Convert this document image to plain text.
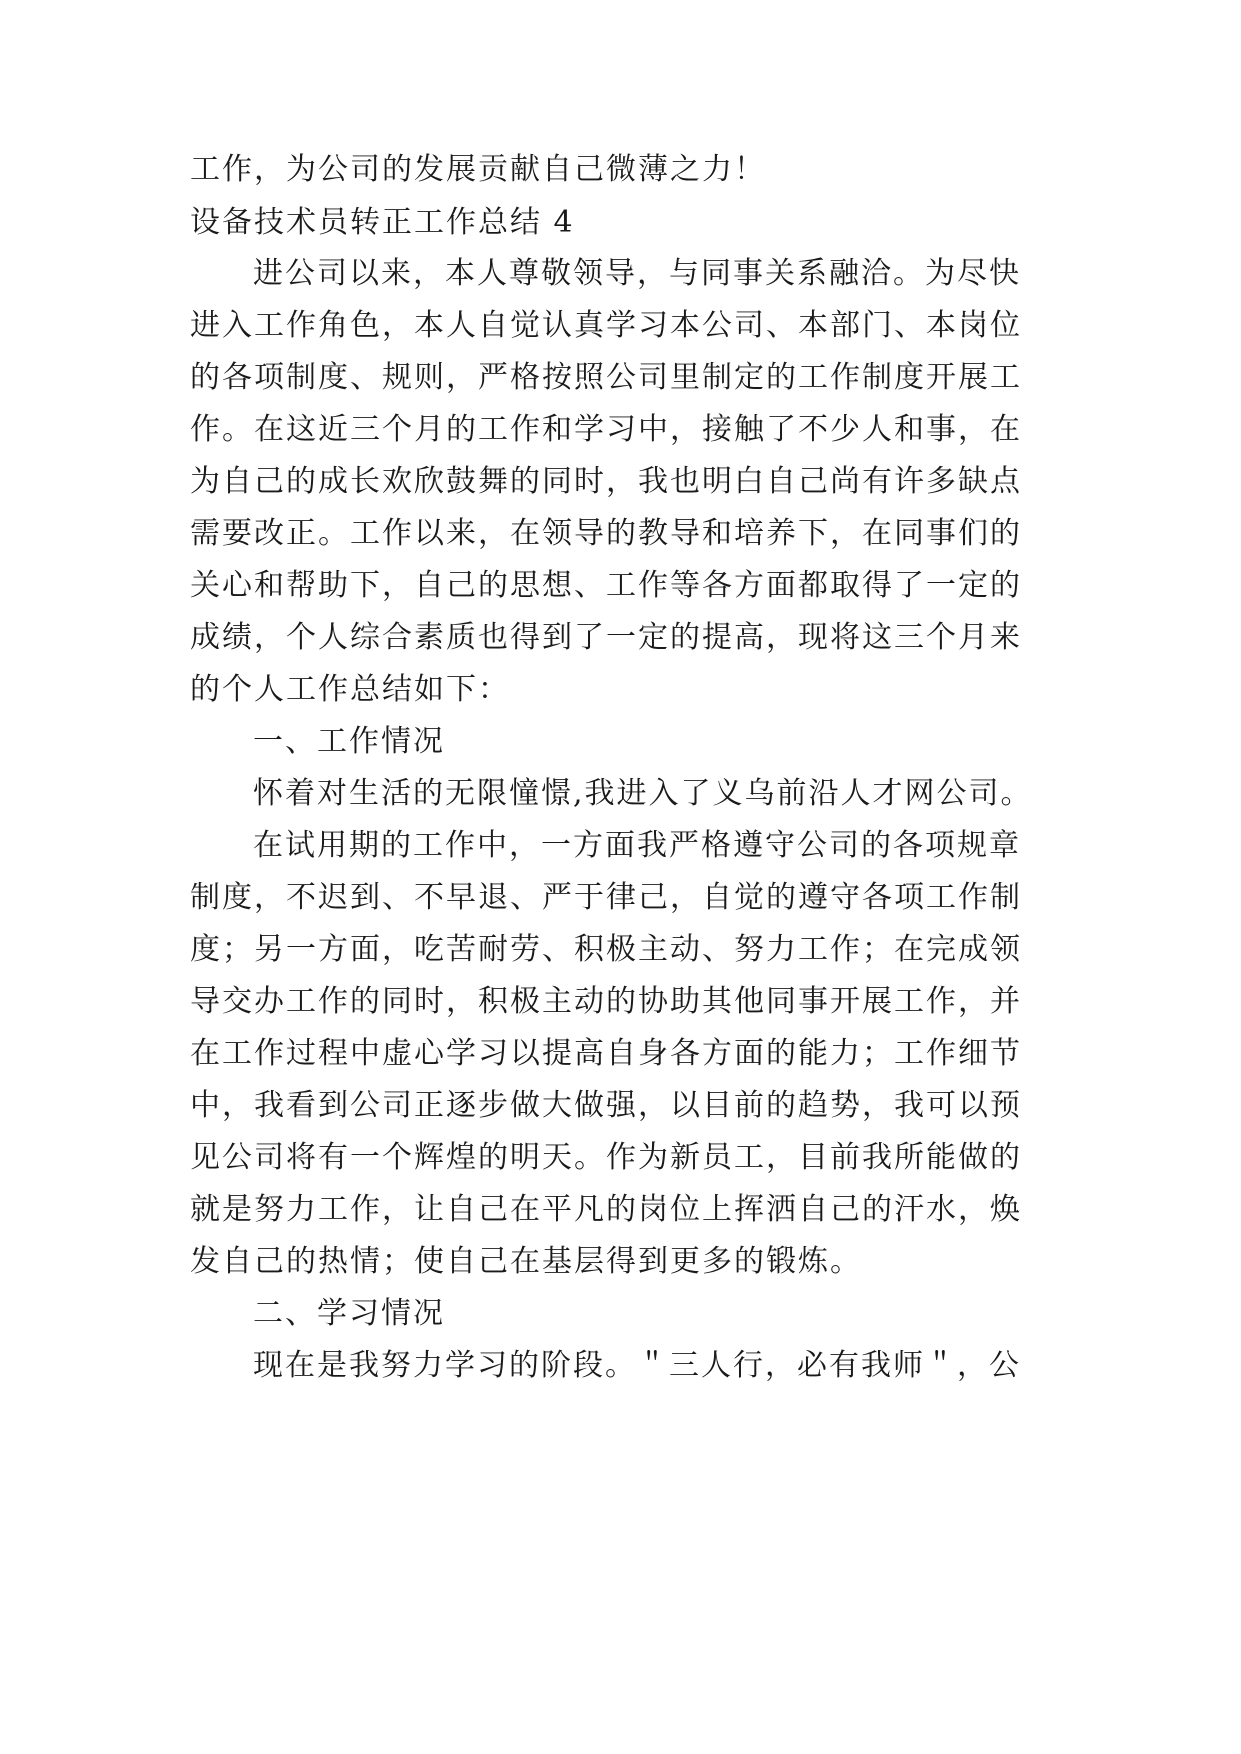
工作，为公司的发展贡献自己微薄之力！
设备技术员转正工作总结 4
进公司以来，本人尊敬领导，与同事关系融洽。为尽快
进入工作角色，本人自觉认真学习本公司、本部门、本岗位
的各项制度、规则，严格按照公司里制定的工作制度开展工
作。在这近三个月的工作和学习中，接触了不少人和事，在
为自己的成长欢欣鼓舞的同时，我也明白自己尚有许多缺点
需要改正。工作以来，在领导的教导和培养下，在同事们的
关心和帮助下，自己的思想、工作等各方面都取得了一定的
成绩，个人综合素质也得到了一定的提高，现将这三个月来
的个人工作总结如下：
一、工作情况
怀着对生活的无限憧憬,我进入了义乌前沿人才网公司。
在试用期的工作中，一方面我严格遵守公司的各项规章
制度，不迟到、不早退、严于律己，自觉的遵守各项工作制
度；另一方面，吃苦耐劳、积极主动、努力工作；在完成领
导交办工作的同时，积极主动的协助其他同事开展工作，并
在工作过程中虚心学习以提高自身各方面的能力；工作细节
中，我看到公司正逐步做大做强，以目前的趋势，我可以预
见公司将有一个辉煌的明天。作为新员工，目前我所能做的
就是努力工作，让自己在平凡的岗位上挥洒自己的汗水，焕
发自己的热情；使自己在基层得到更多的锻炼。
二、学习情况
现在是我努力学习的阶段。＂三人行，必有我师＂，公
